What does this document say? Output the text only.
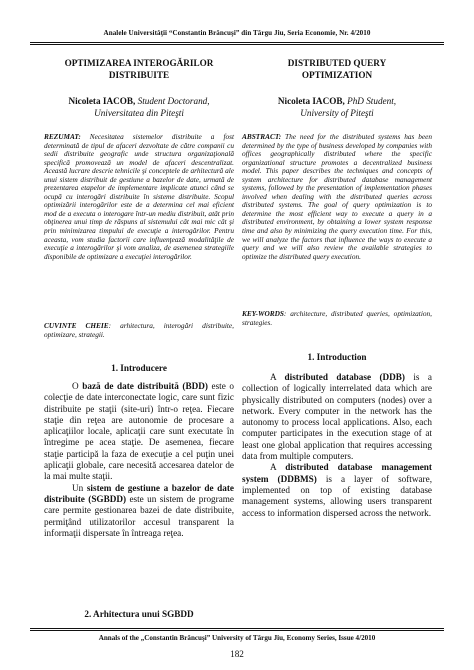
Analele Universităţii “Constantin Brâncuşi” din Târgu Jiu, Seria Economie, Nr. 4/2010
OPTIMIZAREA INTEROGĂRILOR
DISTRIBUITE
Nicoleta IACOB, Student Doctorand,
Universitatea din Piteşti
REZUMAT: Necesitatea sistemelor distribuite a fost determinată de tipul de afaceri dezvoltate de către companii cu sedii distribuite geografic unde structura organizaţională specifică promovează un model de afaceri descentralizat. Această lucrare descrie tehnicile şi conceptele de arhitectură ale unui sistem distribuit de gestiune a bazelor de date, urmată de prezentarea etapelor de implementare implicate atunci când se ocupă cu interogări distribuite în sisteme distribuite. Scopul optimizării interogărilor este de a determina cel mai eficient mod de a executa o interogare într-un mediu distribuit, atât prin obţinerea unui timp de răspuns al sistemului cât mai mic cât şi prin minimizarea timpului de execuţie a interogărilor. Pentru aceasta, vom studia factorii care influenţează modalităţile de execuţie a interogărilor şi vom analiza, de asemenea strategiile disponibile de optimizare a execuţiei interogărilor.
CUVINTE CHEIE: arhitectura, interogări distribuite, optimizare, strategii.
1. Introducere

O bază de date distribuită (BDD) este o colecţie de date interconectate logic, care sunt fizic distribuite pe staţii (site-uri) într-o reţea. Fiecare staţie din reţea are autonomie de procesare a aplicaţiilor locale, aplicaţii care sunt executate în întregime pe acea staţie. De asemenea, fiecare staţie participă la faza de execuţie a cel puţin unei aplicaţii globale, care necesită accesarea datelor de la mai multe staţii.

Un sistem de gestiune a bazelor de date distribuite (SGBDD) este un sistem de programe care permite gestionarea bazei de date distribuite, permiţând utilizatorilor accesul transparent la informaţii dispersate în întreaga reţea.

2. Arhitectura unui SGBDD
DISTRIBUTED QUERY
OPTIMIZATION
Nicoleta IACOB, PhD Student,
University of Piteşti
ABSTRACT: The need for the distributed systems has been determined by the type of business developed by companies with offices geographically distributed where the specific organizational structure promotes a decentralized business model. This paper describes the techniques and concepts of system architecture for distributed database management systems, followed by the presentation of implementation phases involved when dealing with the distributed queries across distributed systems. The goal of query optimization is to determine the most efficient way to execute a query in a distributed environment, by obtaining a lower system response time and also by minimizing the query execution time. For this, we will analyze the factors that influence the ways to execute a query and we will also review the available strategies to optimize the distributed query execution.
KEY-WORDS: architecture, distributed queries, optimization, strategies.
1. Introduction

A distributed database (DDB) is a collection of logically interrelated data which are physically distributed on computers (nodes) over a network. Every computer in the network has the autonomy to process local applications. Also, each computer participates in the execution stage of at least one global application that requires accessing data from multiple computers.

A distributed database management system (DDBMS) is a layer of software, implemented on top of existing database management systems, allowing users transparent access to information dispersed across the network.

Annals of the „Constantin Brâncuşi” University of Târgu Jiu, Economy Series, Issue 4/2010
182
